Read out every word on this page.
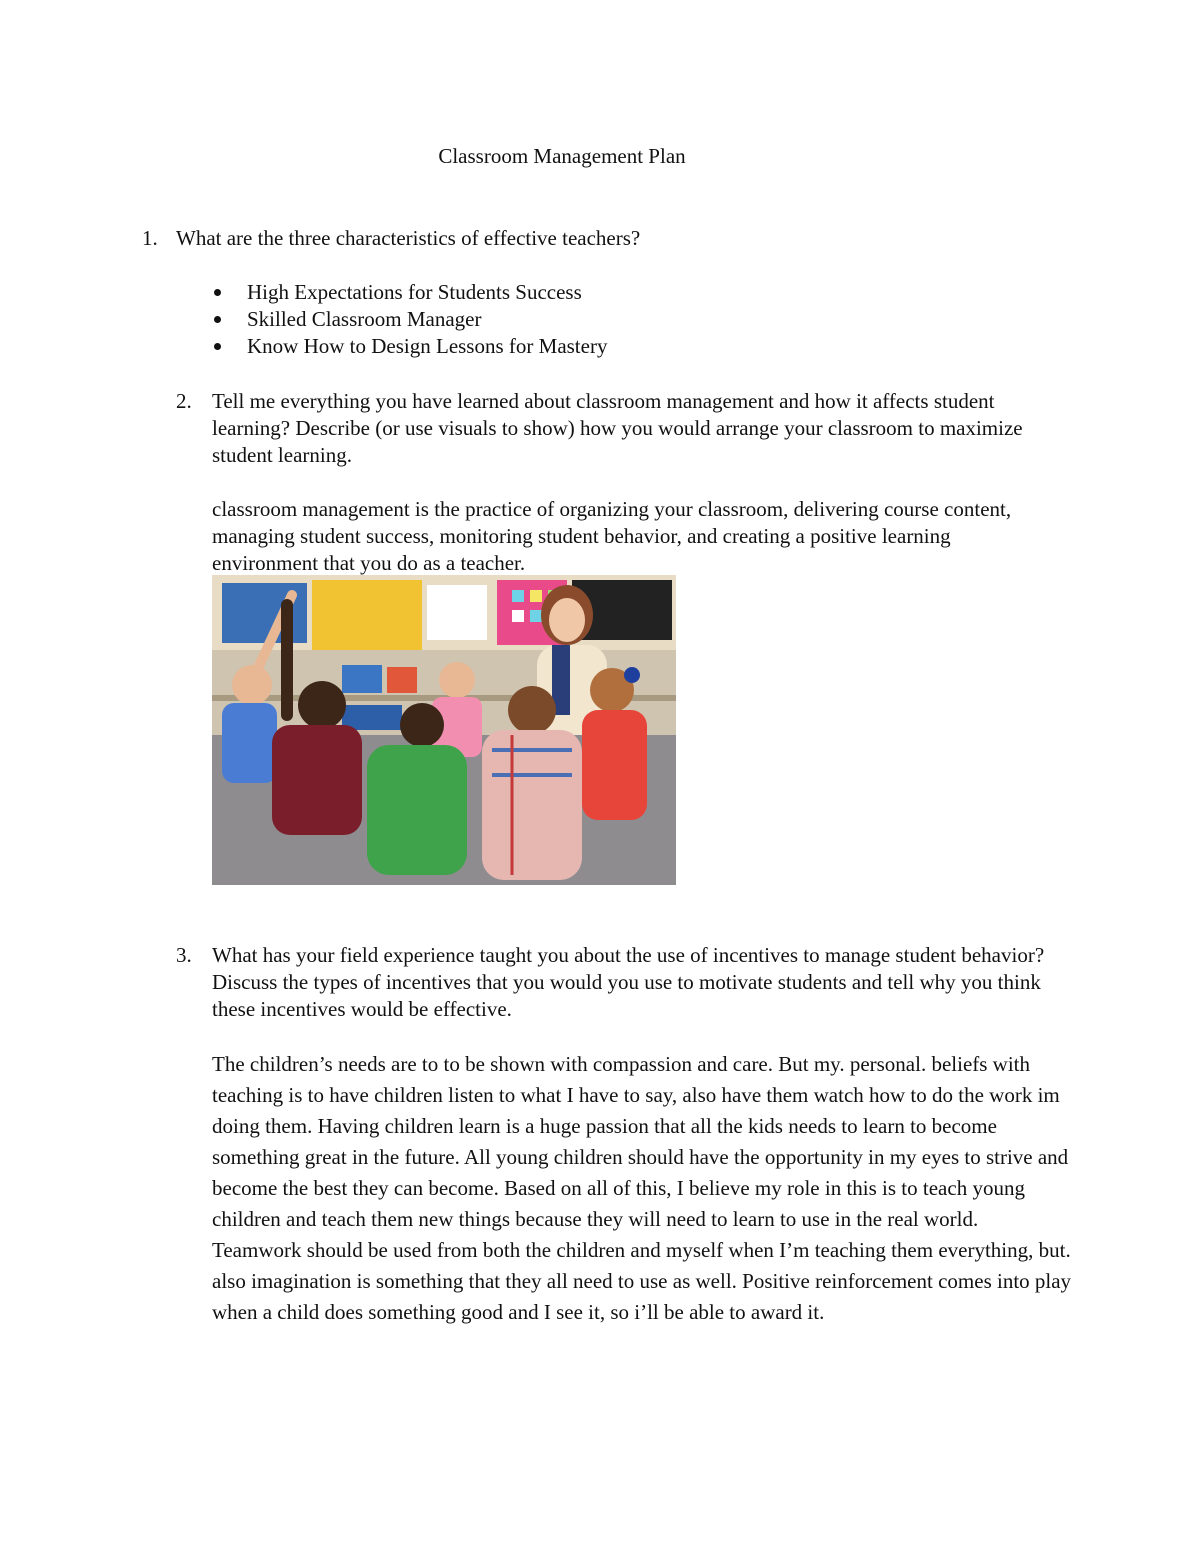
Classroom Management Plan
1. What are the three characteristics of effective teachers?
High Expectations for Students Success
Skilled Classroom Manager
Know How to Design Lessons for Mastery
2. Tell me everything you have learned about classroom management and how it affects student learning? Describe (or use visuals to show) how you would arrange your classroom to maximize student learning.
classroom management is the practice of organizing your classroom, delivering course content, managing student success, monitoring student behavior, and creating a positive learning environment that you do as a teacher.
3. What has your field experience taught you about the use of incentives to manage student behavior? Discuss the types of incentives that you would you use to motivate students and tell why you think these incentives would be effective.
The children’s needs are to to be shown with compassion and care. But my. personal. beliefs with teaching is to have children listen to what I have to say, also have them watch how to do the work im doing them. Having children learn is a huge passion that all the kids needs to learn to become something great in the future. All young children should have the opportunity in my eyes to strive and become the best they can become. Based on all of this, I believe my role in this is to teach young children and teach them new things because they will need to learn to use in the real world. Teamwork should be used from both the children and myself when I’m teaching them everything, but. also imagination is something that they all need to use as well. Positive reinforcement comes into play when a child does something good and I see it, so i’ll be able to award it.
